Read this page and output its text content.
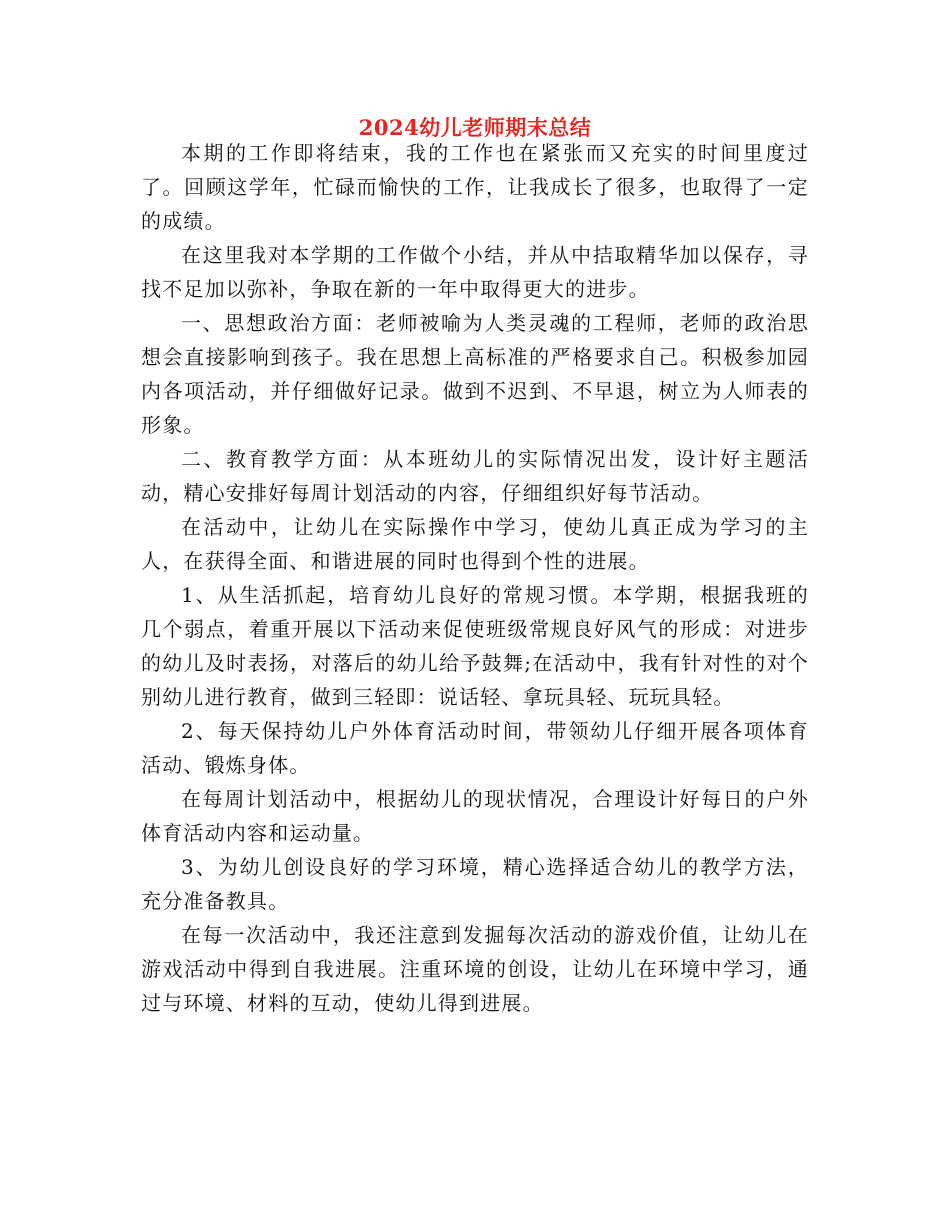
2024幼儿老师期末总结

本期的工作即将结束，我的工作也在紧张而又充实的时间里度过了。回顾这学年，忙碌而愉快的工作，让我成长了很多，也取得了一定的成绩。

在这里我对本学期的工作做个小结，并从中拮取精华加以保存，寻找不足加以弥补，争取在新的一年中取得更大的进步。

一、思想政治方面：老师被喻为人类灵魂的工程师，老师的政治思想会直接影响到孩子。我在思想上高标准的严格要求自己。积极参加园内各项活动，并仔细做好记录。做到不迟到、不早退，树立为人师表的形象。

二、教育教学方面：从本班幼儿的实际情况出发，设计好主题活动，精心安排好每周计划活动的内容，仔细组织好每节活动。

在活动中，让幼儿在实际操作中学习，使幼儿真正成为学习的主人，在获得全面、和谐进展的同时也得到个性的进展。

1、从生活抓起，培育幼儿良好的常规习惯。本学期，根据我班的几个弱点，着重开展以下活动来促使班级常规良好风气的形成：对进步的幼儿及时表扬，对落后的幼儿给予鼓舞;在活动中，我有针对性的对个别幼儿进行教育，做到三轻即：说话轻、拿玩具轻、玩玩具轻。

2、每天保持幼儿户外体育活动时间，带领幼儿仔细开展各项体育活动、锻炼身体。

在每周计划活动中，根据幼儿的现状情况，合理设计好每日的户外体育活动内容和运动量。

3、为幼儿创设良好的学习环境，精心选择适合幼儿的教学方法，充分准备教具。

在每一次活动中，我还注意到发掘每次活动的游戏价值，让幼儿在游戏活动中得到自我进展。注重环境的创设，让幼儿在环境中学习，通过与环境、材料的互动，使幼儿得到进展。
